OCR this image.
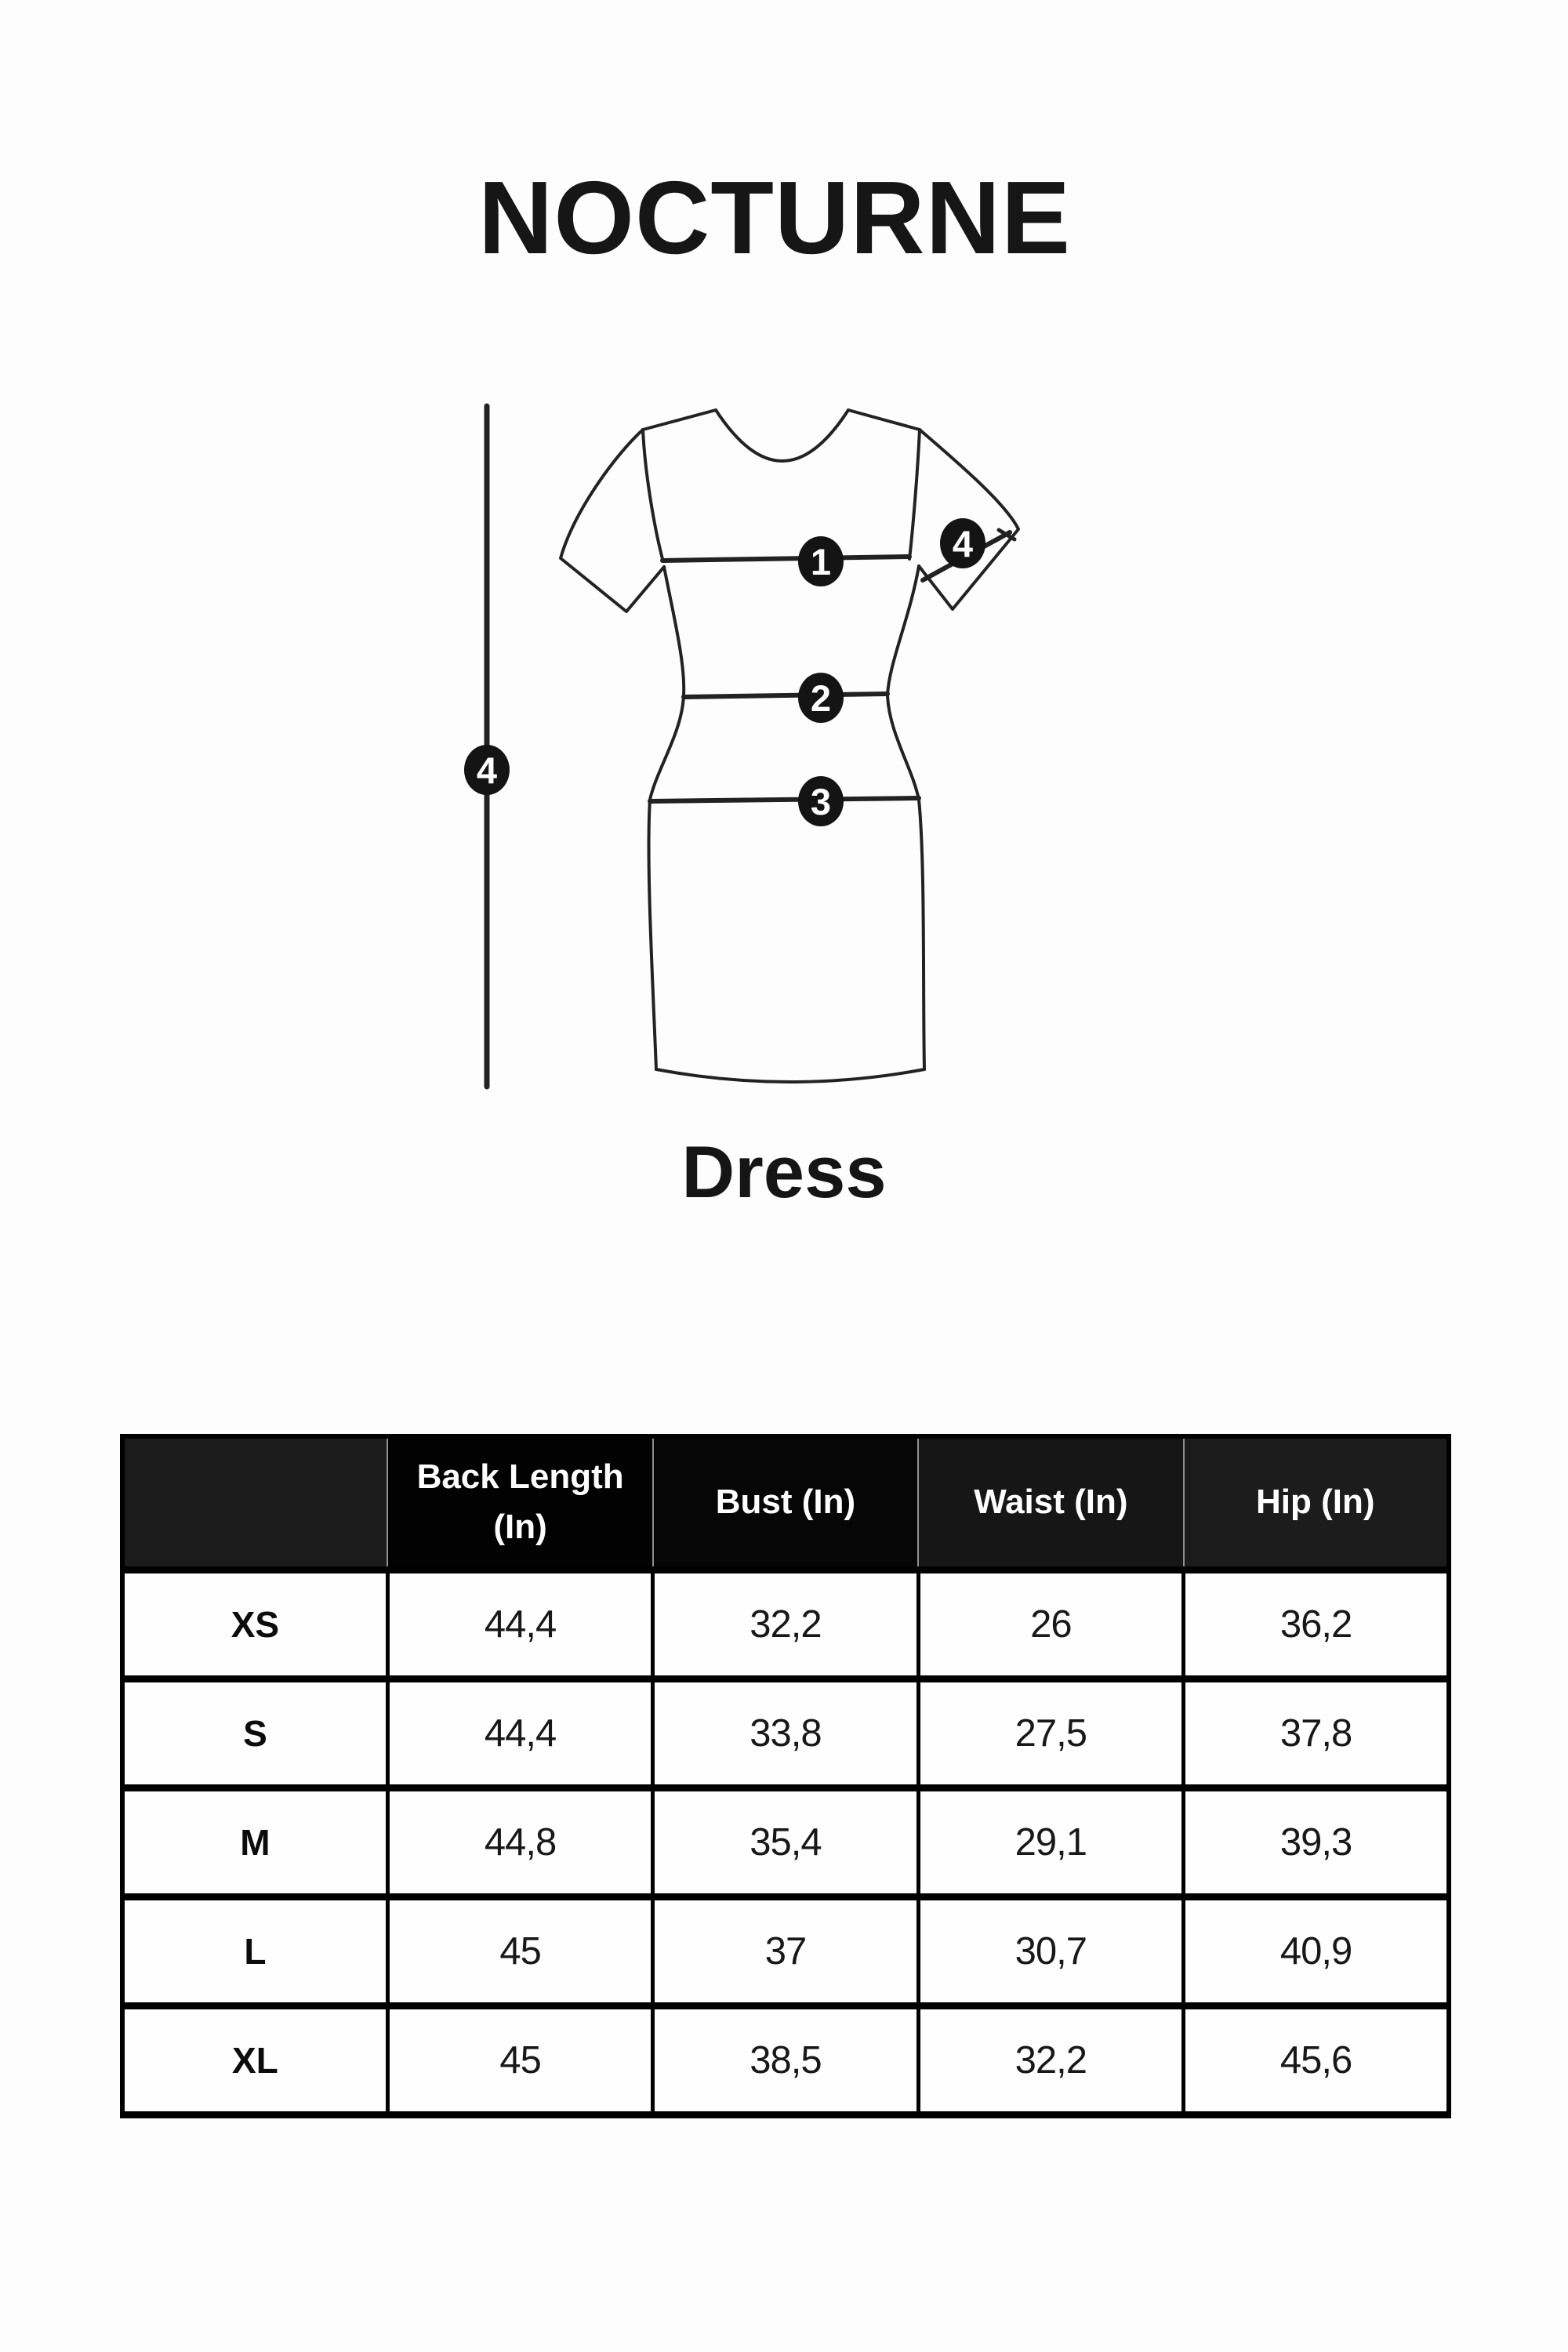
NOCTURNE
1
2
3
4
4
Dress
	Back Length (In)	Bust (In)	Waist (In)	Hip (In)
XS	44,4	32,2	26	36,2
S	44,4	33,8	27,5	37,8
M	44,8	35,4	29,1	39,3
L	45	37	30,7	40,9
XL	45	38,5	32,2	45,6
